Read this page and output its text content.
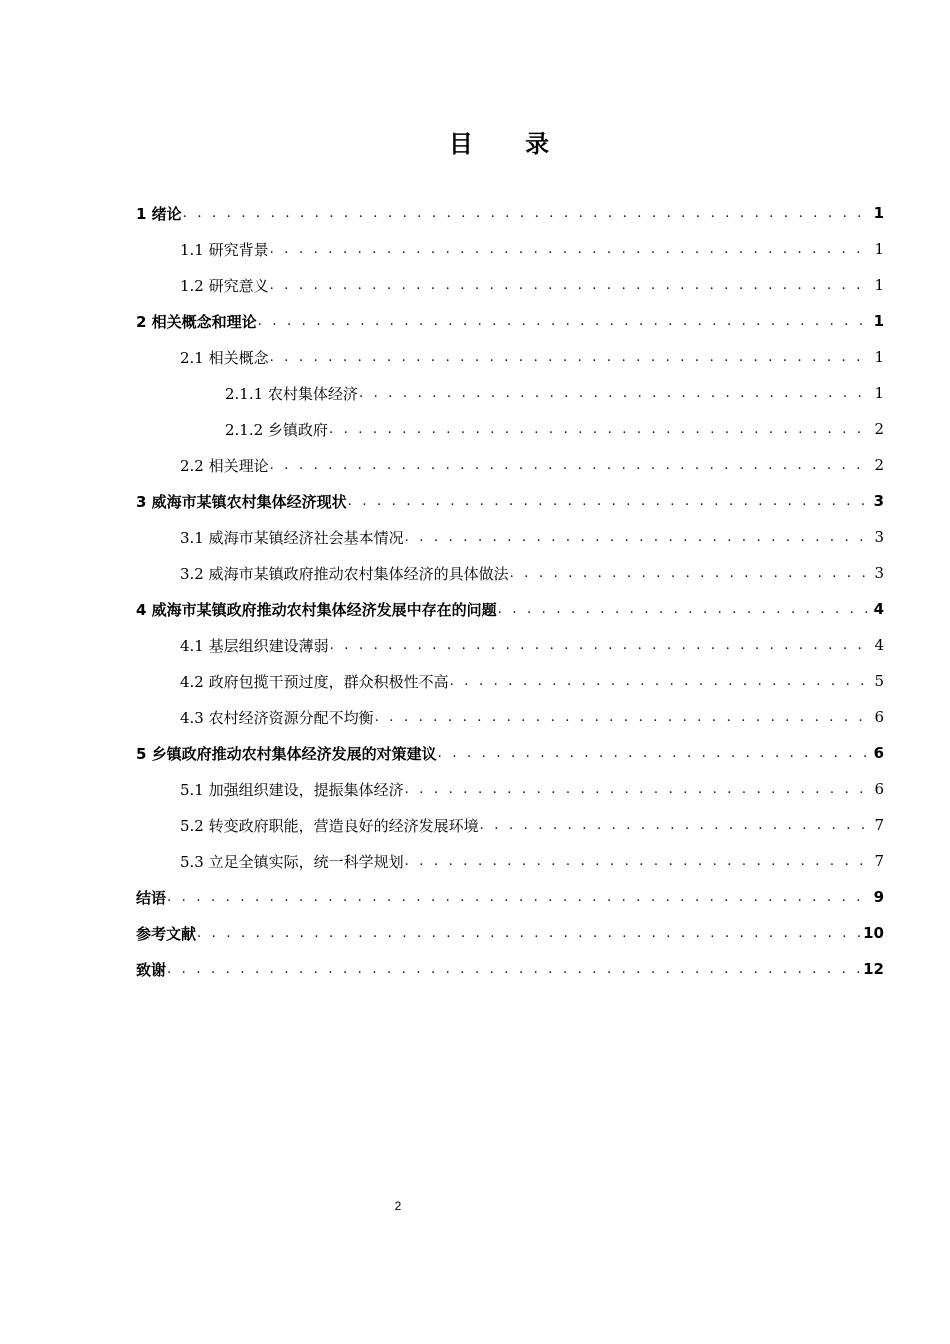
目 录
1 绪论 . . .	1
1.1 研究背景 . . .	1
1.2 研究意义 . . .	1
2 相关概念和理论 . . .	1
2.1 相关概念 . . .	1
2.1.1 农村集体经济 . . .	1
2.1.2 乡镇政府 . . .	2
2.2 相关理论 . . .	2
3 威海市某镇农村集体经济现状 . . .	3
3.1 威海市某镇经济社会基本情况 . . .	3
3.2 威海市某镇政府推动农村集体经济的具体做法 . . .	3
4 威海市某镇政府推动农村集体经济发展中存在的问题 . . .	4
4.1 基层组织建设薄弱 . . .	4
4.2 政府包揽干预过度，群众积极性不高 . . .	5
4.3 农村经济资源分配不均衡 . . .	6
5 乡镇政府推动农村集体经济发展的对策建议 . . .	6
5.1 加强组织建设，提振集体经济 . . .	6
5.2 转变政府职能，营造良好的经济发展环境 . . .	7
5.3 立足全镇实际，统一科学规划 . . .	7
结语 . . .	9
参考文献 . . .	10
致谢 . . .	12
2
